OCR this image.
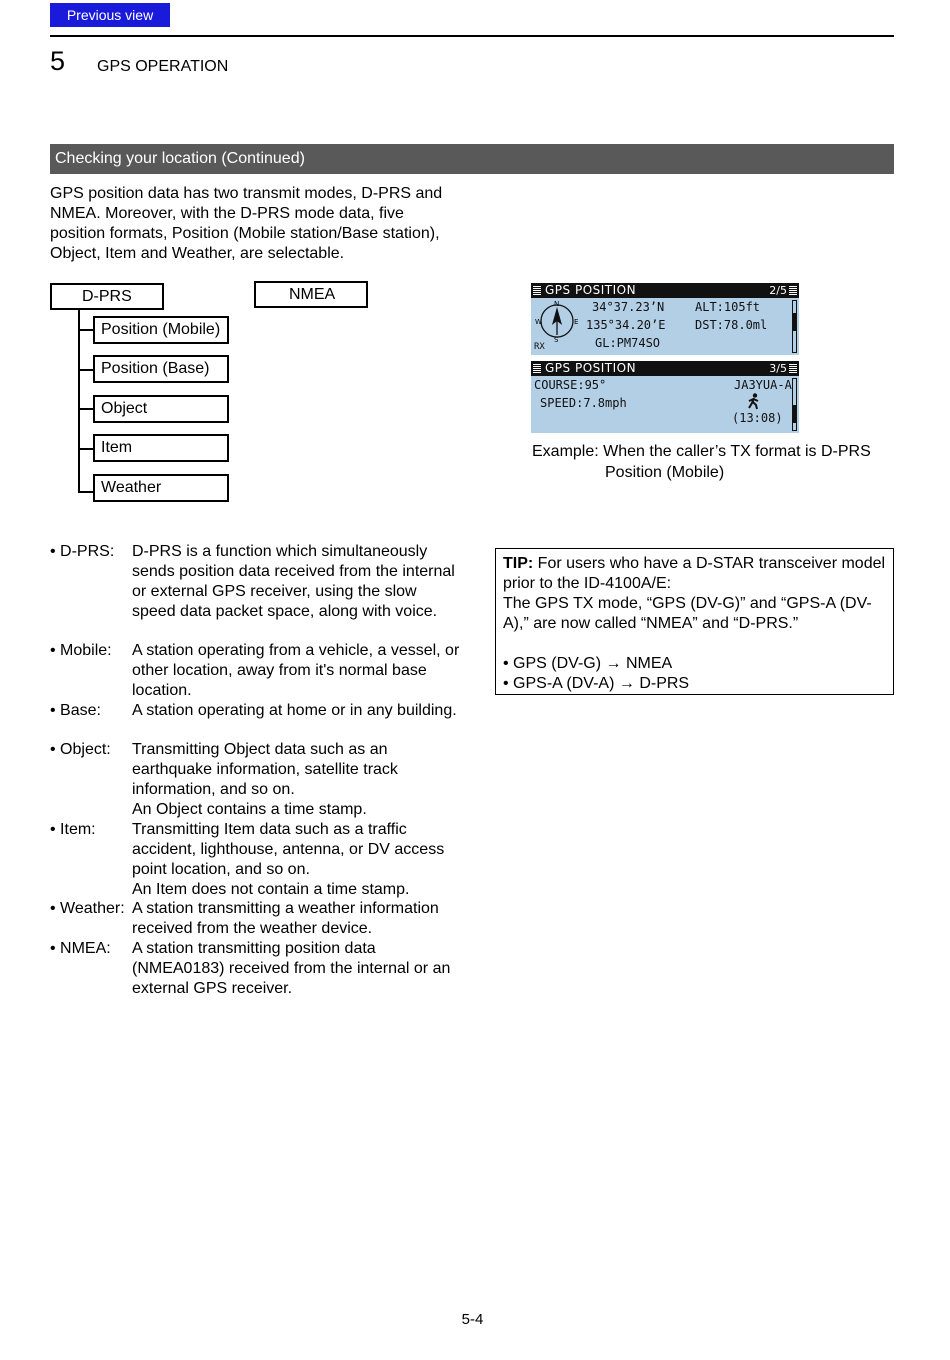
Previous view
5 GPS OPERATION
Checking your location (Continued)
GPS position data has two transmit modes, D-PRS and NMEA. Moreover, with the D-PRS mode data, five position formats, Position (Mobile station/Base station), Object, Item and Weather, are selectable.
D-PRS	NMEA
Position (Mobile)
Position (Base)
Object
Item
Weather
GPS POSITION	2/5
N
S
W	E
RX
34°37.23’N
135°34.20’E
GL:PM74SO
ALT:105ft
DST:78.0ml
GPS POSITION	3/5
COURSE:95°
SPEED:7.8mph
JA3YUA-A
(13:08)
Example: When the caller’s TX format is D-PRS
Position (Mobile)
• D-PRS: D-PRS is a function which simultaneously sends position data received from the internal or external GPS receiver, using the slow speed data packet space, along with voice.
• Mobile: A station operating from a vehicle, a vessel, or other location, away from it's normal base location.
• Base: A station operating at home or in any building.
• Object: Transmitting Object data such as an earthquake information, satellite track information, and so on.
An Object contains a time stamp.
• Item: Transmitting Item data such as a traffic accident, lighthouse, antenna, or DV access point location, and so on.
An Item does not contain a time stamp.
• Weather: A station transmitting a weather information received from the weather device.
• NMEA: A station transmitting position data (NMEA0183) received from the internal or an external GPS receiver.
TIP: For users who have a D-STAR transceiver model prior to the ID-4100A/E:
The GPS TX mode, “GPS (DV-G)” and “GPS-A (DV-A),” are now called “NMEA” and “D-PRS.”
• GPS (DV-G) → NMEA
• GPS-A (DV-A) → D-PRS
5-4
